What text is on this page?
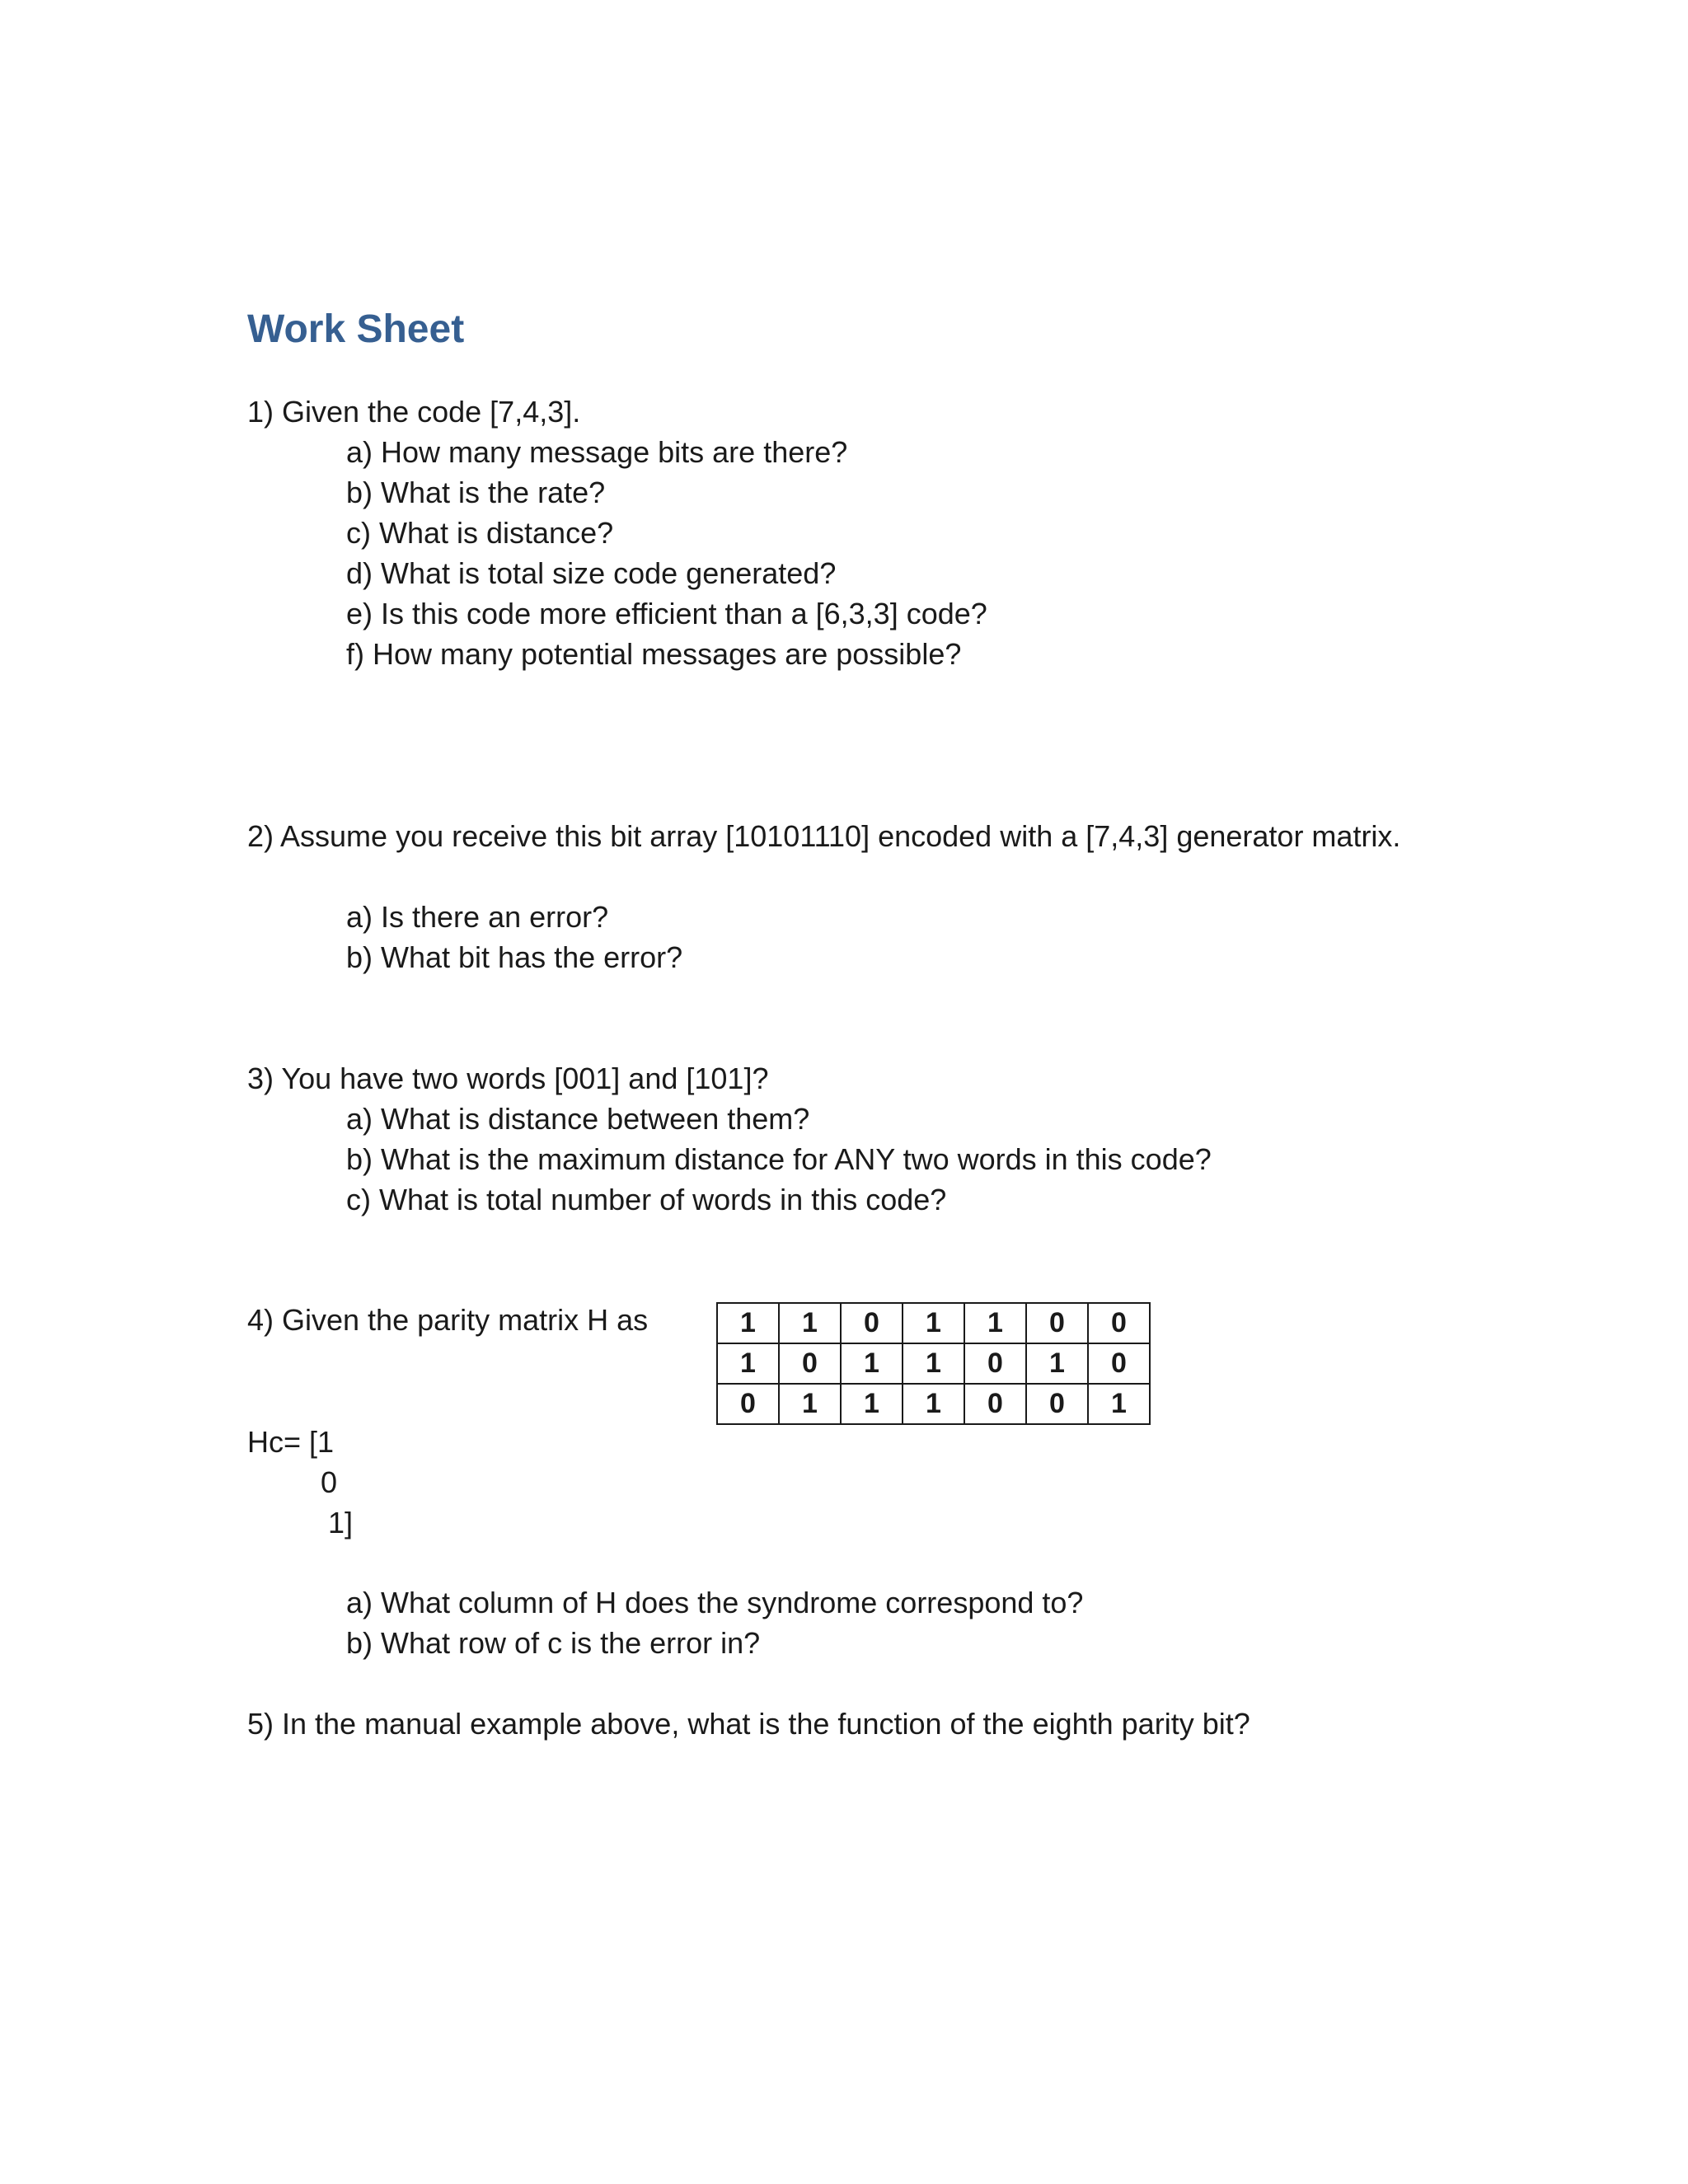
Work Sheet
1) Given the code [7,4,3].
a) How many message bits are there?
b) What is the rate?
c) What is distance?
d) What is total size code generated?
e) Is this code more efficient than a [6,3,3] code?
f) How many potential messages are possible?
2) Assume you receive this bit array [10101110] encoded with a [7,4,3] generator matrix.
a) Is there an error?
b) What bit has the error?
3) You have two words [001] and [101]?
a) What is distance between them?
b) What is the maximum distance for ANY two words in this code?
c) What is total number of words in this code?
4) Given the parity matrix H as	1	1	0	1	1	0	0
1	0	1	1	0	1	0
0	1	1	1	0	0	1
Hc= [1
0
1]
a) What column of H does the syndrome correspond to?
b) What row of c is the error in?
5) In the manual example above, what is the function of the eighth parity bit?
